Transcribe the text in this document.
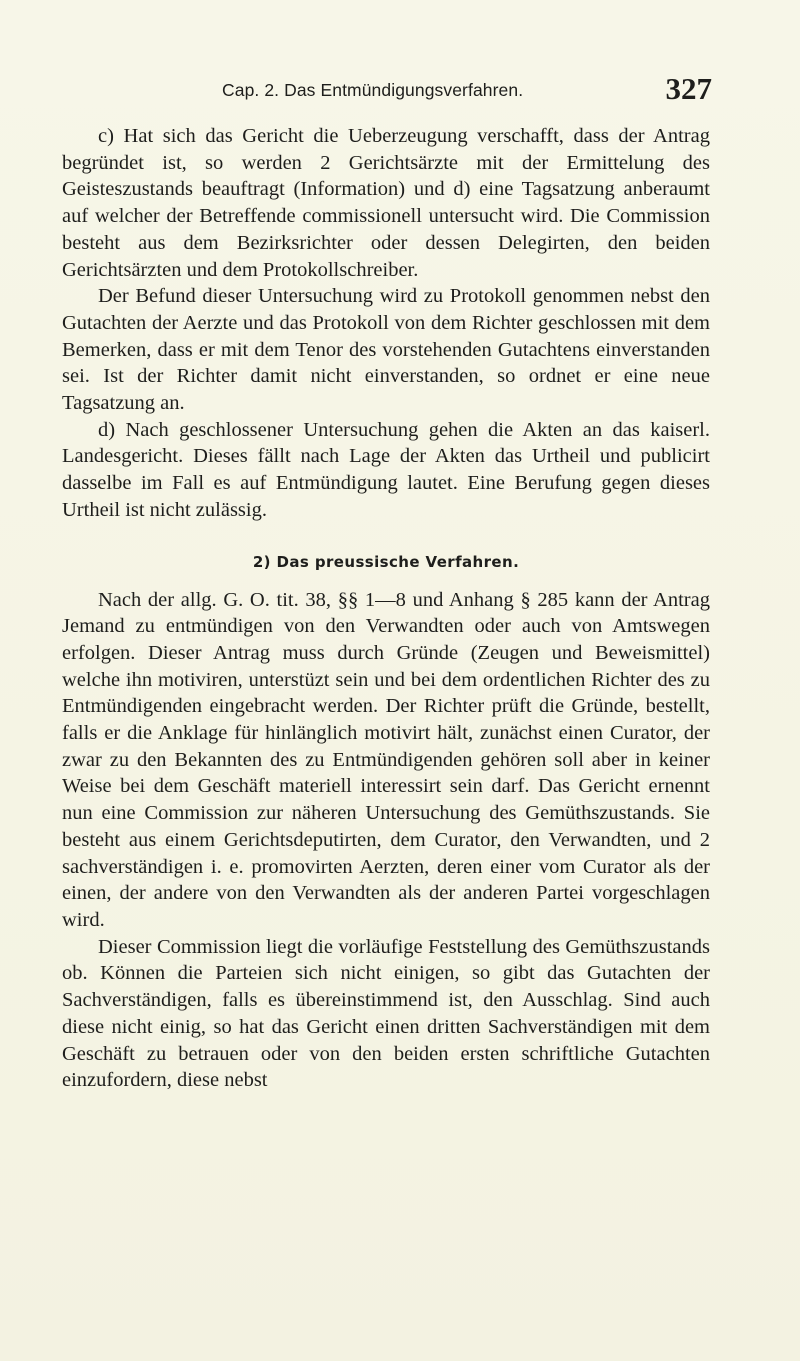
Cap. 2. Das Entmündigungsverfahren.	327

c) Hat sich das Gericht die Ueberzeugung verschafft, dass der Antrag begründet ist, so werden 2 Gerichtsärzte mit der Ermittelung des Geisteszustands beauftragt (Information) und d) eine Tagsatzung anberaumt auf welcher der Betreffende commissionell untersucht wird. Die Commission besteht aus dem Bezirksrichter oder dessen Delegirten, den beiden Gerichtsärzten und dem Protokollschreiber.

Der Befund dieser Untersuchung wird zu Protokoll genommen nebst den Gutachten der Aerzte und das Protokoll von dem Richter geschlossen mit dem Bemerken, dass er mit dem Tenor des vorstehenden Gutachtens einverstanden sei. Ist der Richter damit nicht einverstanden, so ordnet er eine neue Tagsatzung an.

d) Nach geschlossener Untersuchung gehen die Akten an das kaiserl. Landesgericht. Dieses fällt nach Lage der Akten das Urtheil und publicirt dasselbe im Fall es auf Entmündigung lautet. Eine Berufung gegen dieses Urtheil ist nicht zulässig.

2) Das preussische Verfahren.

Nach der allg. G. O. tit. 38, §§ 1—8 und Anhang § 285 kann der Antrag Jemand zu entmündigen von den Verwandten oder auch von Amtswegen erfolgen. Dieser Antrag muss durch Gründe (Zeugen und Beweismittel) welche ihn motiviren, unterstüzt sein und bei dem ordentlichen Richter des zu Entmündigenden eingebracht werden. Der Richter prüft die Gründe, bestellt, falls er die Anklage für hinlänglich motivirt hält, zunächst einen Curator, der zwar zu den Bekannten des zu Entmündigenden gehören soll aber in keiner Weise bei dem Geschäft materiell interessirt sein darf. Das Gericht ernennt nun eine Commission zur näheren Untersuchung des Gemüthszustands. Sie besteht aus einem Gerichtsdeputirten, dem Curator, den Verwandten, und 2 sachverständigen i. e. promovirten Aerzten, deren einer vom Curator als der einen, der andere von den Verwandten als der anderen Partei vorgeschlagen wird.

Dieser Commission liegt die vorläufige Feststellung des Gemüthszustands ob. Können die Parteien sich nicht einigen, so gibt das Gutachten der Sachverständigen, falls es übereinstimmend ist, den Ausschlag. Sind auch diese nicht einig, so hat das Gericht einen dritten Sachverständigen mit dem Geschäft zu betrauen oder von den beiden ersten schriftliche Gutachten einzufordern, diese nebst
